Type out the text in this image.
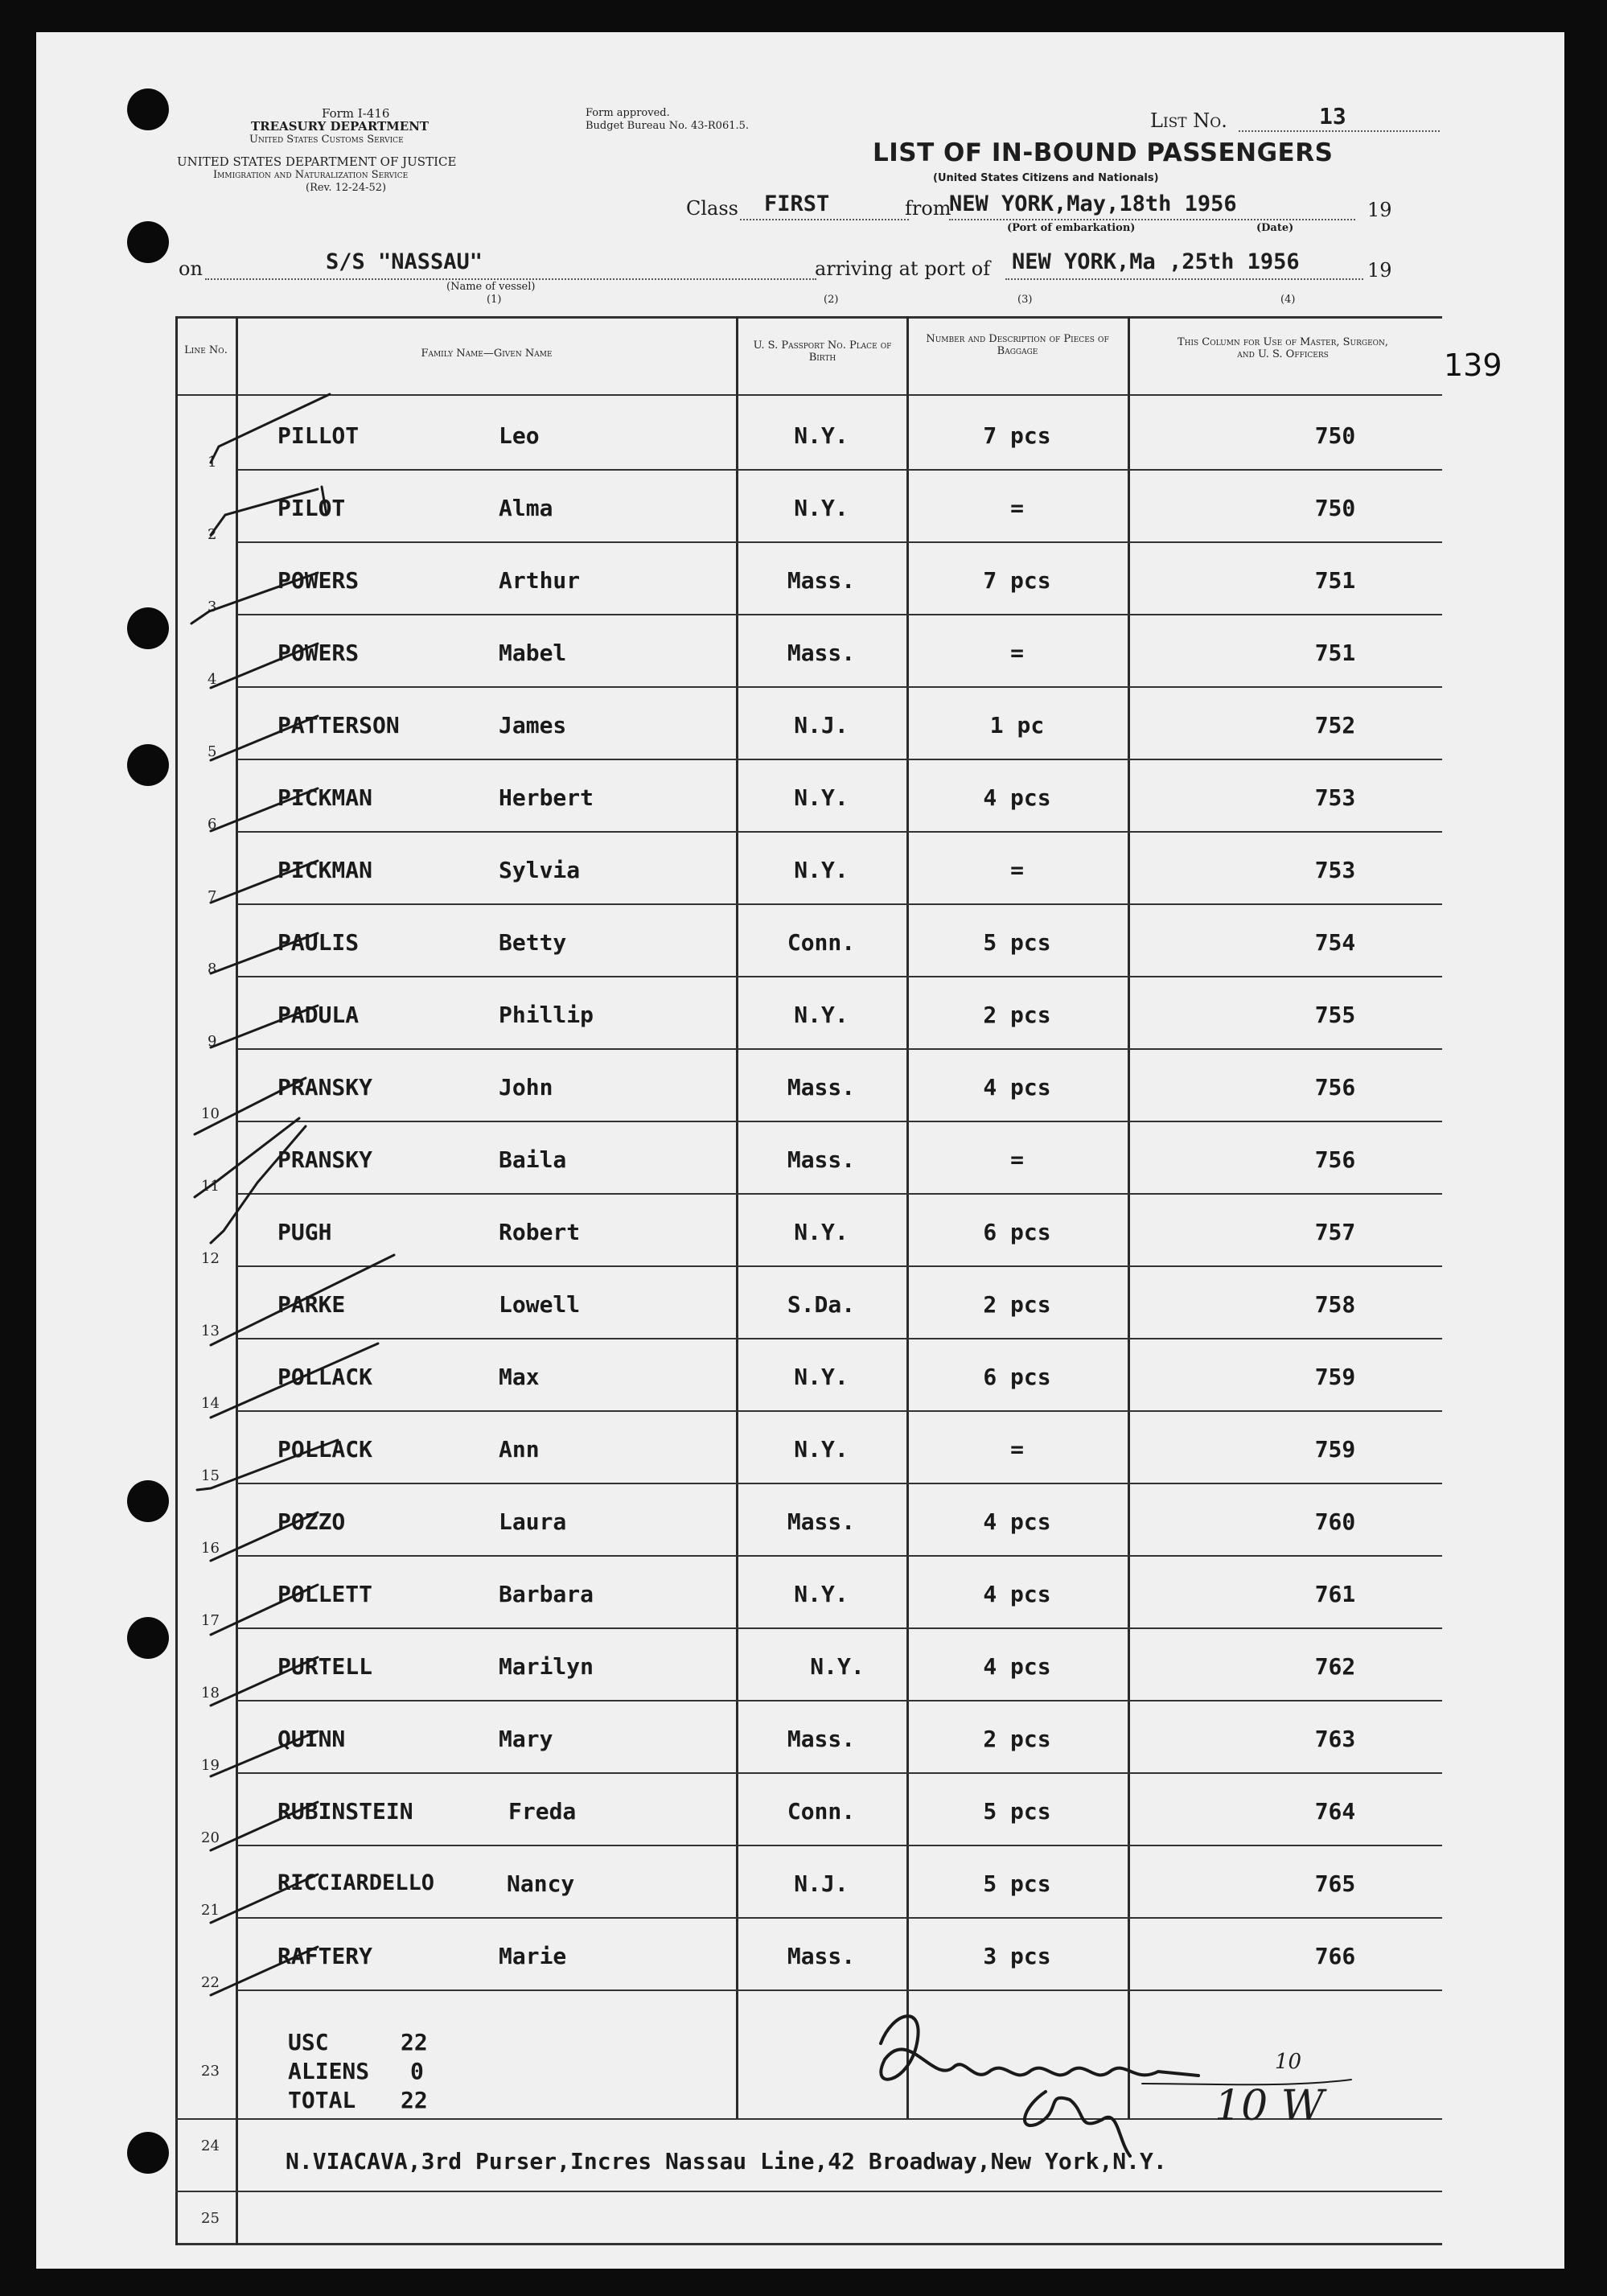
Form I-416
TREASURY DEPARTMENT
United States Customs Service
UNITED STATES DEPARTMENT OF JUSTICE
Immigration and Naturalization Service
(Rev. 12-24-52)
Form approved.
Budget Bureau No. 43-R061.5.	List No.	13
LIST OF IN-BOUND PASSENGERS
(United States Citizens and Nationals)
Class FIRST	from
NEW YORK,May,18th 1956	19
(Port of embarkation)	(Date)
on	S/S "NASSAU"
(Name of vessel)
(1)
arriving at port of NEW YORK,Ma ,25th 1956	19
(2)	(3)	(4)
139
Line No.	Family Name—Given Name
U. S. Passport No. Place of Birth
Number and Description of Pieces of Baggage
This Column for Use of Master, Surgeon, and U. S. Officers
1
PILLOT	Leo	N.Y.	7 pcs	750
2
PILOT	Alma	N.Y.	=	750
3
POWERS	Arthur	Mass.	7 pcs	751
4
POWERS	Mabel	Mass.	=	751
5
PATTERSON	James	N.J.	1 pc	752
6
PICKMAN	Herbert	N.Y.	4 pcs	753
7
PICKMAN	Sylvia	N.Y.	=	753
8
PAULIS	Betty	Conn.	5 pcs	754
9
PADULA	Phillip	N.Y.	2 pcs	755
10
PRANSKY	John	Mass.	4 pcs	756
11
PRANSKY	Baila	Mass.	=	756
12
PUGH	Robert	N.Y.	6 pcs	757
13
PARKE	Lowell	S.Da.	2 pcs	758
14
POLLACK	Max	N.Y.	6 pcs	759
15
POLLACK	Ann	N.Y.	=	759
16
POZZO	Laura	Mass.	4 pcs	760
17
POLLETT	Barbara	N.Y.	4 pcs	761
18
PURTELL	Marilyn	N.Y.	4 pcs	762
19
QUINN	Mary	Mass.	2 pcs	763
20
RUBINSTEIN	Freda	Conn.	5 pcs	764
21
RICCIARDELLO	Nancy	N.J.	5 pcs	765
22
RAFTERY	Marie	Mass.	3 pcs	766
23
24
25
USC	22
ALIENS 0
TOTAL 22
N.VIACAVA,3rd Purser,Incres Nassau Line,42 Broadway,New York,N.Y.
10
10 W
